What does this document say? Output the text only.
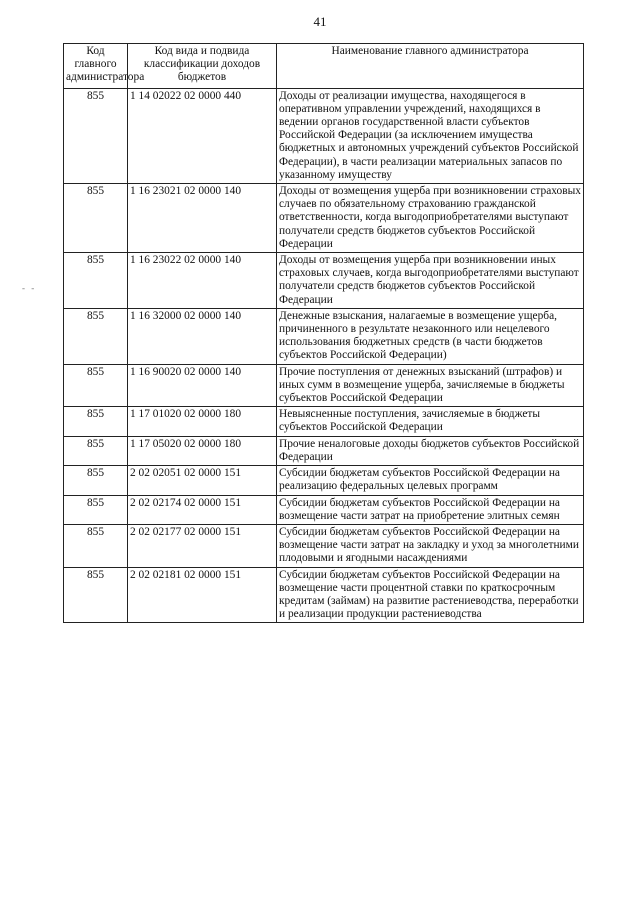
41
- -
Код главного администратора	Код вида и подвида классификации доходов бюджетов	Наименование главного администратора
855	1 14 02022 02 0000 440	Доходы от реализации имущества, находящегося в оперативном управлении учреждений, находящихся в ведении органов государственной власти субъектов Российской Федерации (за исключением имущества бюджетных и автономных учреждений субъектов Российской Федерации), в части реализации материальных запасов по указанному имуществу
855	1 16 23021 02 0000 140	Доходы от возмещения ущерба при возникновении страховых случаев по обязательному страхованию гражданской ответственности, когда выгодоприобретателями выступают получатели средств бюджетов субъектов Российской Федерации
855	1 16 23022 02 0000 140	Доходы от возмещения ущерба при возникновении иных страховых случаев, когда выгодоприобретателями выступают получатели средств бюджетов субъектов Российской Федерации
855	1 16 32000 02 0000 140	Денежные взыскания, налагаемые в возмещение ущерба, причиненного в результате незаконного или нецелевого использования бюджетных средств (в части бюджетов субъектов Российской Федерации)
855	1 16 90020 02 0000 140	Прочие поступления от денежных взысканий (штрафов) и иных сумм в возмещение ущерба, зачисляемые в бюджеты субъектов Российской Федерации
855	1 17 01020 02 0000 180	Невыясненные поступления, зачисляемые в бюджеты субъектов Российской Федерации
855	1 17 05020 02 0000 180	Прочие неналоговые доходы бюджетов субъектов Российской Федерации
855	2 02 02051 02 0000 151	Субсидии бюджетам субъектов Российской Федерации на реализацию федеральных целевых программ
855	2 02 02174 02 0000 151	Субсидии бюджетам субъектов Российской Федерации на возмещение части затрат на приобретение элитных семян
855	2 02 02177 02 0000 151	Субсидии бюджетам субъектов Российской Федерации на возмещение части затрат на закладку и уход за многолетними плодовыми и ягодными насаждениями
855	2 02 02181 02 0000 151	Субсидии бюджетам субъектов Российской Федерации на возмещение части процентной ставки по краткосрочным кредитам (займам) на развитие растениеводства, переработки и реализации продукции растениеводства
